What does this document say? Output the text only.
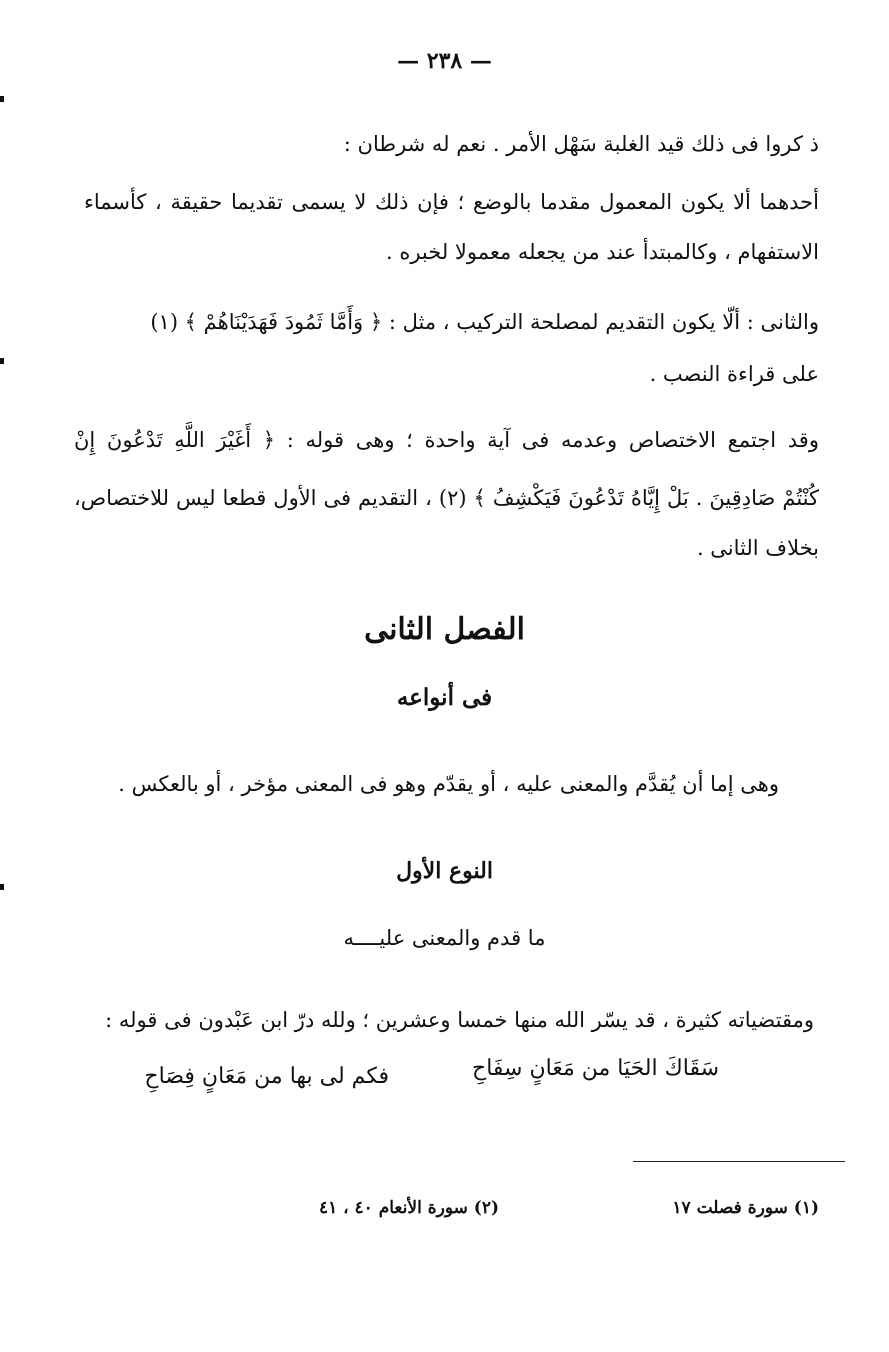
— ٢٣٨ —
ذ كروا فى ذلك قيد الغلبة سَهْل الأمر . نعم له شرطان :
أحدهما ألا يكون المعمول مقدما بالوضع ؛ فإن ذلك لا يسمى تقديما حقيقة ، كأسماء
الاستفهام ، وكالمبتدأ عند من يجعله معمولا لخبره .
والثانى : ألّا يكون التقديم لمصلحة التركيب ، مثل : ﴿ وَأَمَّا ثَمُودَ فَهَدَيْنَاهُمْ ﴾ (١)
على قراءة النصب .
وقد اجتمع الاختصاص وعدمه فى آية واحدة ؛ وهى قوله : ﴿ أَغَيْرَ اللَّهِ تَدْعُونَ إِنْ
كُنْتُمْ صَادِقِينَ . بَلْ إِيَّاهُ تَدْعُونَ فَيَكْشِفُ ﴾ (٢) ، التقديم فى الأول قطعا ليس للاختصاص،
بخلاف الثانى .
الفصل الثانى
فى أنواعه
وهى إما أن يُقدَّم والمعنى عليه ، أو يقدّم وهو فى المعنى مؤخر ، أو بالعكس .
النوع الأول
ما قدم والمعنى عليــــه
ومقتضياته كثيرة ، قد يسّر الله منها خمسا وعشرين ؛ ولله درّ ابن عَبْدون فى قوله :
سَقَاكَ الحَيَا من مَعَانٍ سِفَاحِ
فكم لى بها من مَعَانٍ فِصَاحِ
(١) سورة فصلت ١٧
(٢) سورة الأنعام ٤٠ ، ٤١
